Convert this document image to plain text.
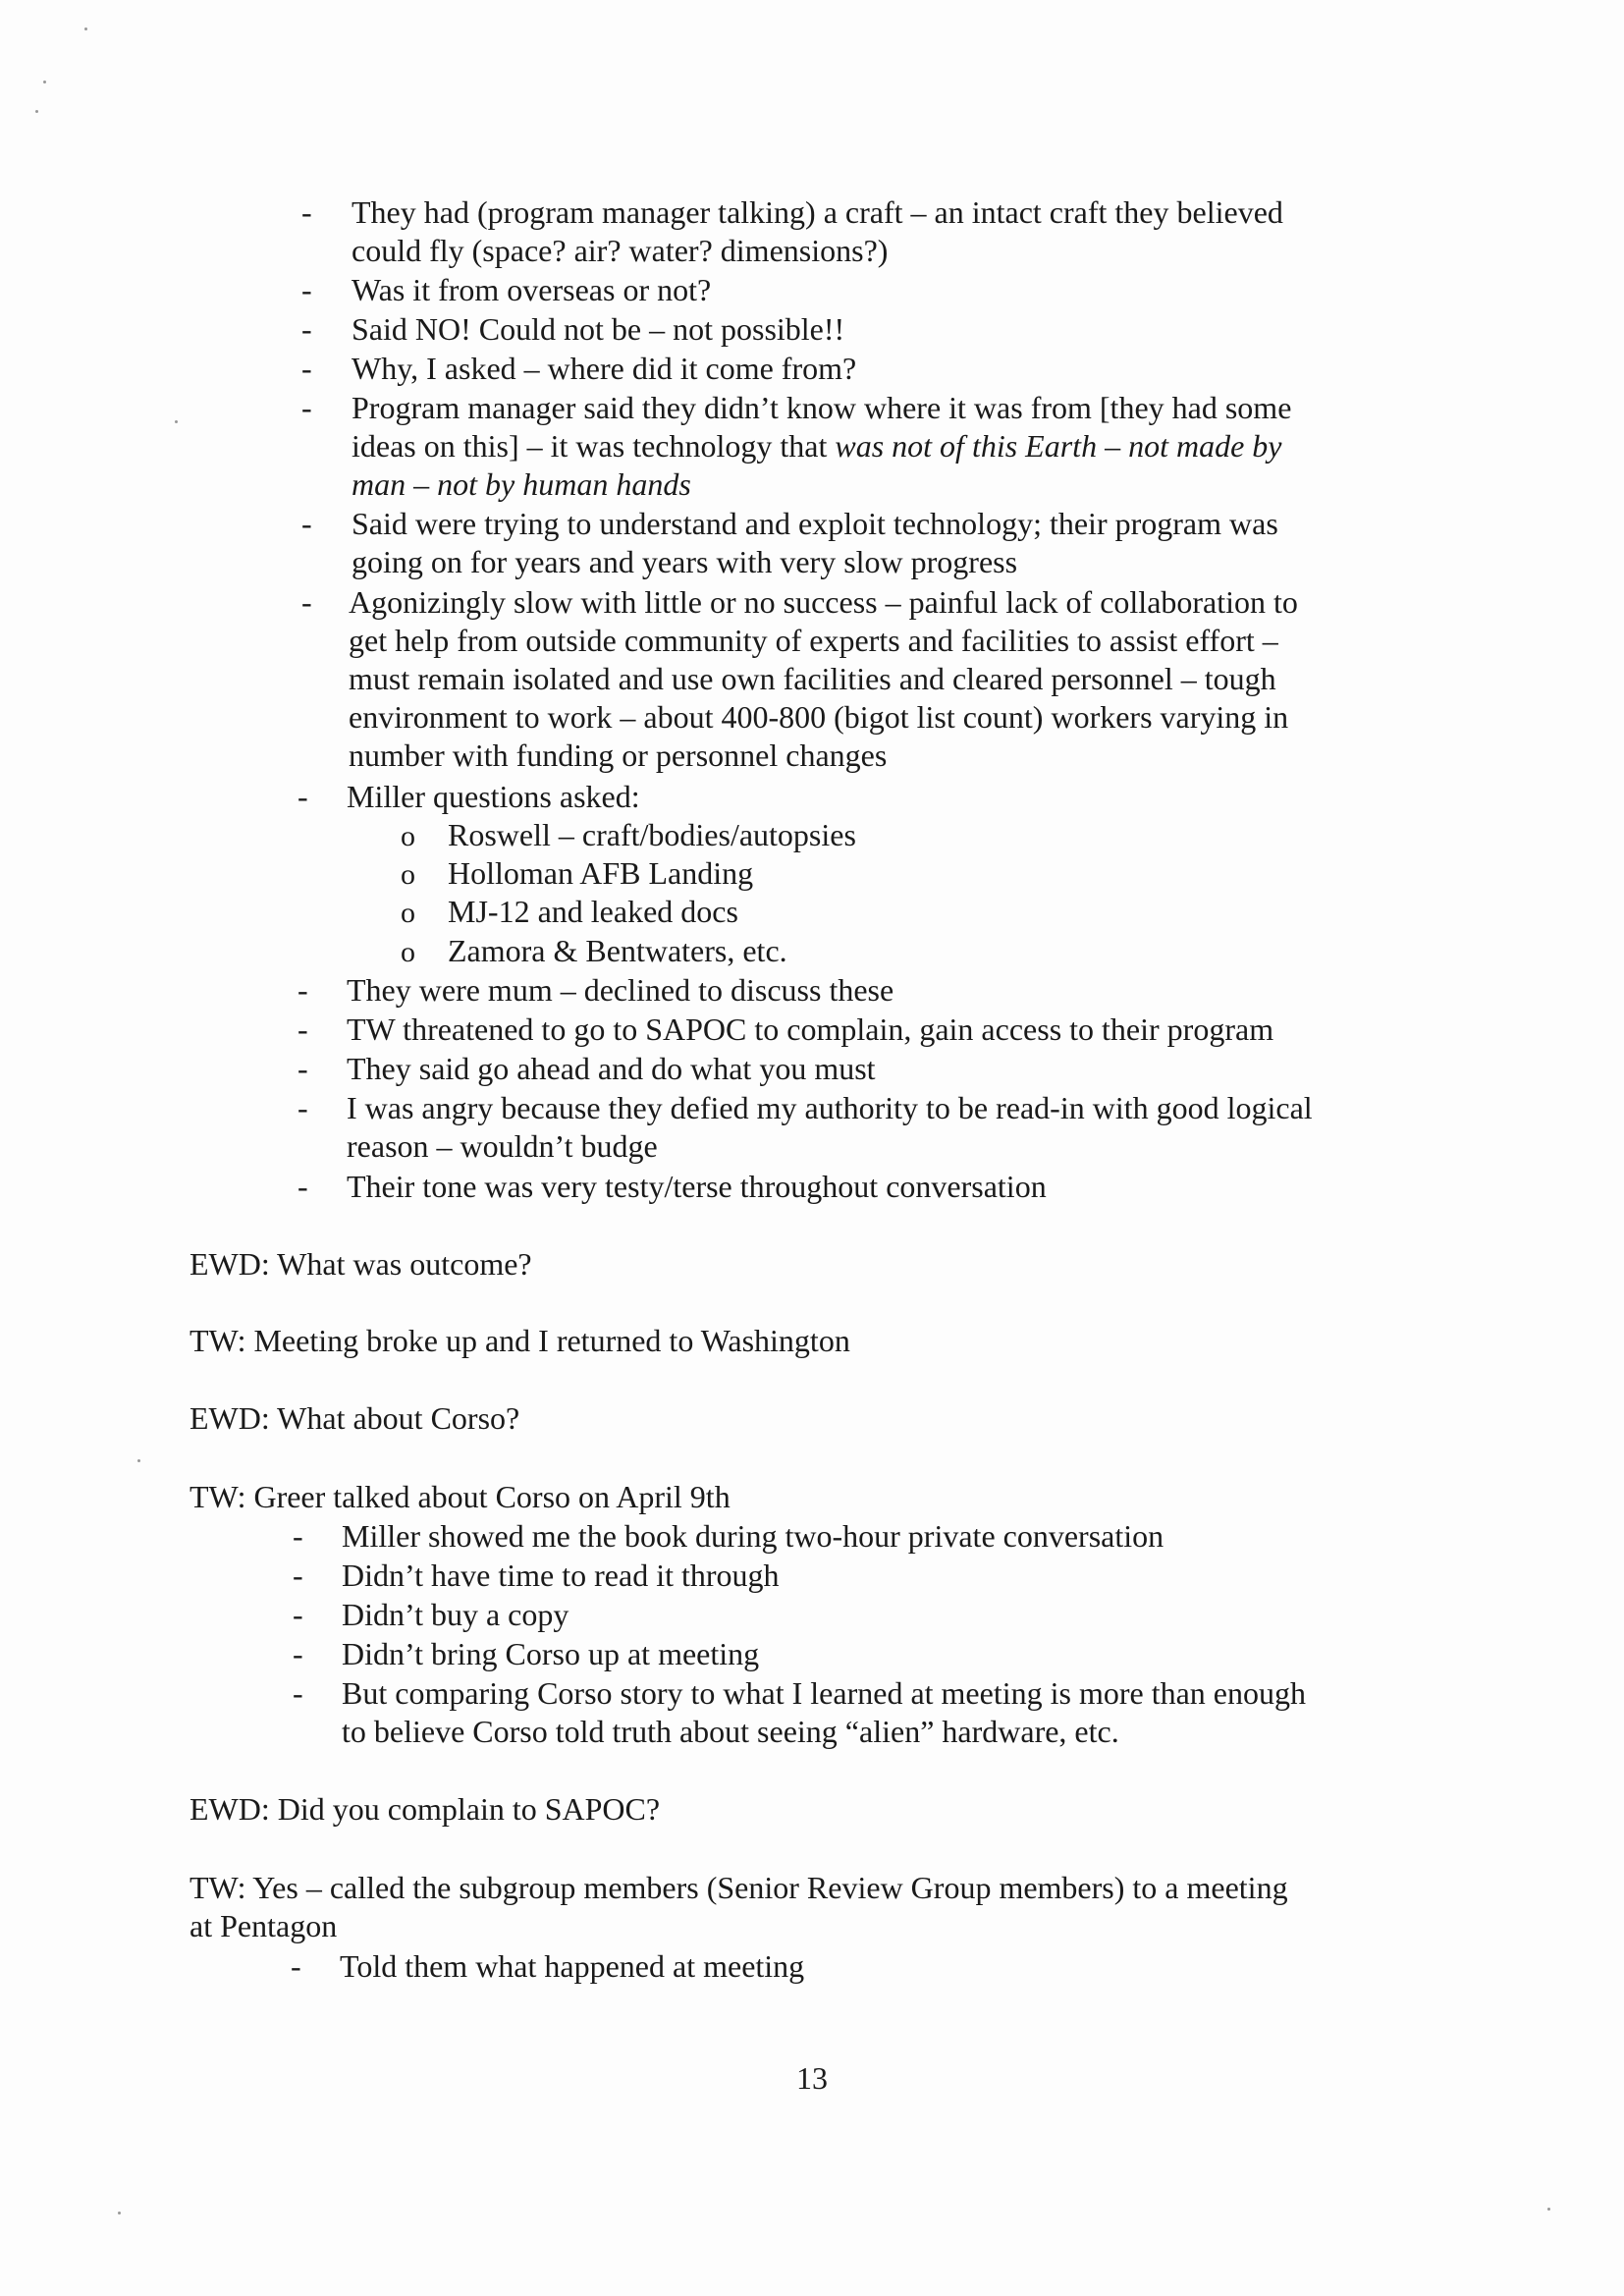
- They had (program manager talking) a craft – an intact craft they believed
could fly (space? air? water? dimensions?)
- Was it from overseas or not?
- Said NO! Could not be – not possible!!
- Why, I asked – where did it come from?
- Program manager said they didn’t know where it was from [they had some
ideas on this] – it was technology that was not of this Earth – not made by
man – not by human hands
- Said were trying to understand and exploit technology; their program was
going on for years and years with very slow progress
- Agonizingly slow with little or no success – painful lack of collaboration to
get help from outside community of experts and facilities to assist effort –
must remain isolated and use own facilities and cleared personnel – tough
environment to work – about 400-800 (bigot list count) workers varying in
number with funding or personnel changes
- Miller questions asked:
o Roswell – craft/bodies/autopsies
o Holloman AFB Landing
o MJ-12 and leaked docs
o Zamora & Bentwaters, etc.
- They were mum – declined to discuss these
- TW threatened to go to SAPOC to complain, gain access to their program
- They said go ahead and do what you must
- I was angry because they defied my authority to be read-in with good logical
reason – wouldn’t budge
- Their tone was very testy/terse throughout conversation
EWD: What was outcome?
TW: Meeting broke up and I returned to Washington
EWD: What about Corso?
TW: Greer talked about Corso on April 9th
- Miller showed me the book during two-hour private conversation
- Didn’t have time to read it through
- Didn’t buy a copy
- Didn’t bring Corso up at meeting
- But comparing Corso story to what I learned at meeting is more than enough
to believe Corso told truth about seeing “alien” hardware, etc.
EWD: Did you complain to SAPOC?
TW: Yes – called the subgroup members (Senior Review Group members) to a meeting
at Pentagon
- Told them what happened at meeting
13
